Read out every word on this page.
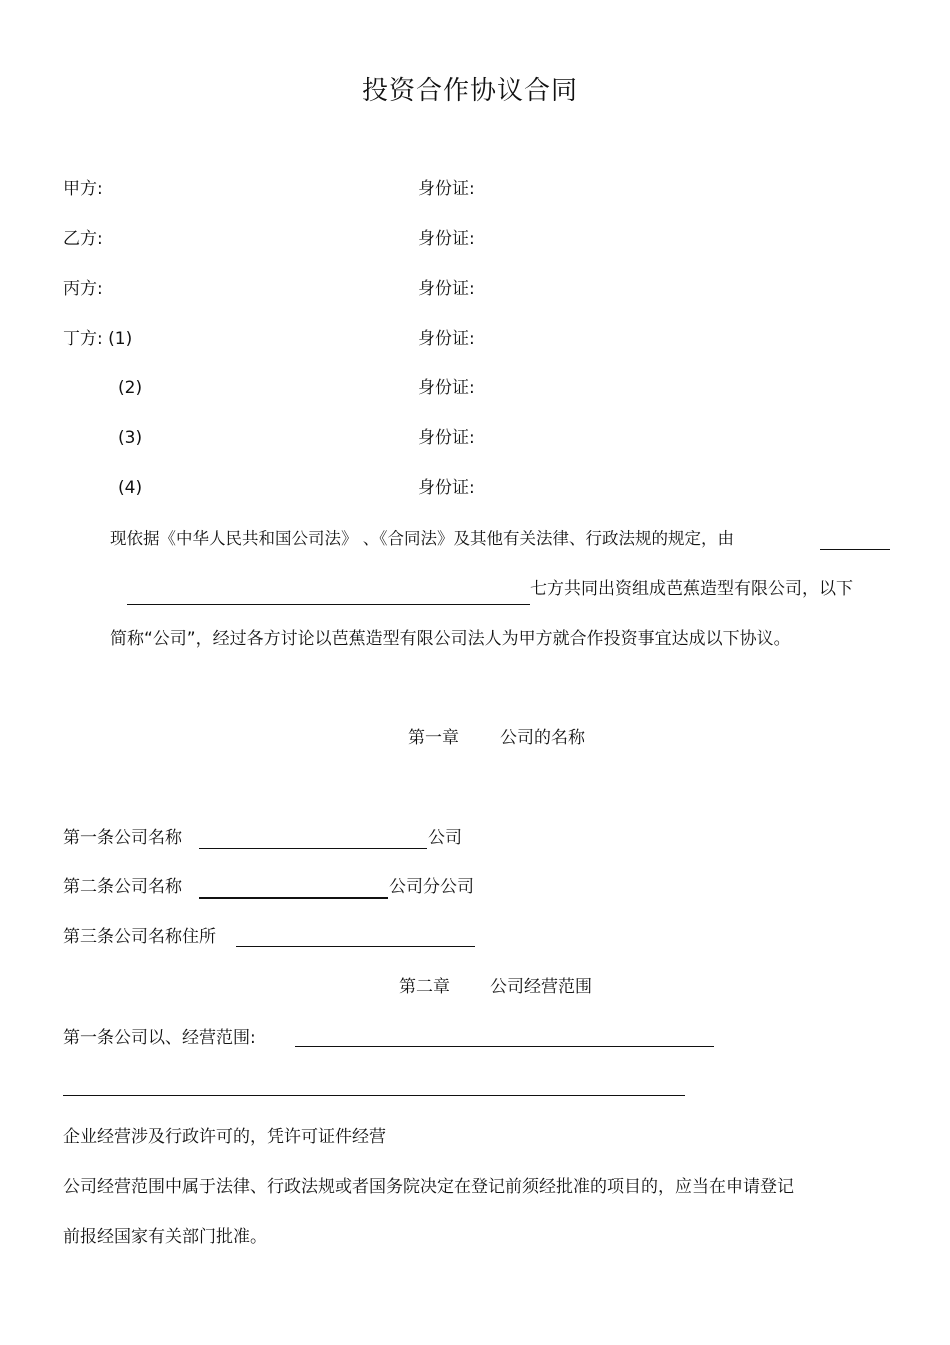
投资合作协议合同
甲方:	身份证:
乙方:	身份证:
丙方:	身份证:
丁方: (1)	身份证:
(2)	身份证:
(3)	身份证:
(4)	身份证:
现依据《中华人民共和国公司法》 、《合同法》及其他有关法律、行政法规的规定，由
七方共同出资组成芭蕉造型有限公司，以下
简称“公司”，经过各方讨论以芭蕉造型有限公司法人为甲方就合作投资事宜达成以下协议。
第一章 公司的名称
第一条公司名称	公司
第二条公司名称	公司分公司
第三条公司名称住所
第二章 公司经营范围
第一条公司以、经营范围:
企业经营涉及行政许可的，凭许可证件经营
公司经营范围中属于法律、行政法规或者国务院决定在登记前须经批准的项目的，应当在申请登记
前报经国家有关部门批准。
